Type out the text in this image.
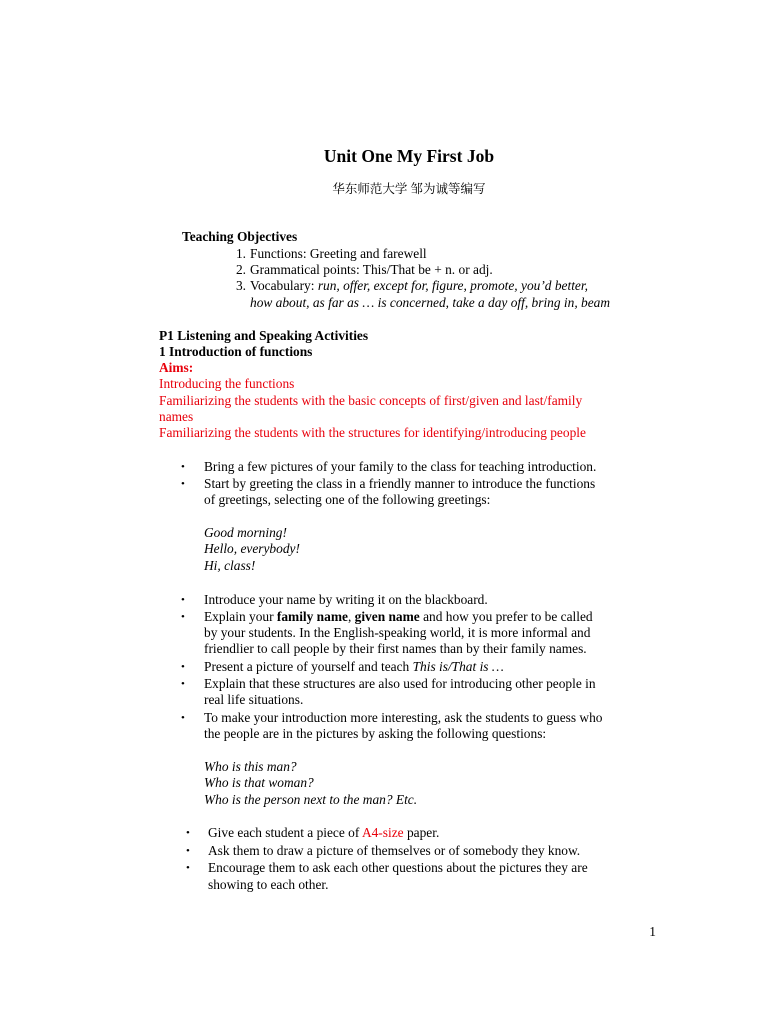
Unit One My First Job
华东师范大学 邹为诚等编写
Teaching Objectives
1. Functions: Greeting and farewell
2. Grammatical points: This/That be + n. or adj.
3. Vocabulary: run, offer, except for, figure, promote, you’d better,
how about, as far as … is concerned, take a day off, bring in, beam
P1 Listening and Speaking Activities
1 Introduction of functions
Aims:
Introducing the functions
Familiarizing the students with the basic concepts of first/given and last/family
names
Familiarizing the students with the structures for identifying/introducing people
• Bring a few pictures of your family to the class for teaching introduction.
• Start by greeting the class in a friendly manner to introduce the functions
of greetings, selecting one of the following greetings:
Good morning!
Hello, everybody!
Hi, class!
• Introduce your name by writing it on the blackboard.
• Explain your family name, given name and how you prefer to be called
by your students. In the English-speaking world, it is more informal and
friendlier to call people by their first names than by their family names.
• Present a picture of yourself and teach This is/That is …
• Explain that these structures are also used for introducing other people in
real life situations.
• To make your introduction more interesting, ask the students to guess who
the people are in the pictures by asking the following questions:
Who is this man?
Who is that woman?
Who is the person next to the man? Etc.
• Give each student a piece of A4-size paper.
• Ask them to draw a picture of themselves or of somebody they know.
• Encourage them to ask each other questions about the pictures they are
showing to each other.
1
